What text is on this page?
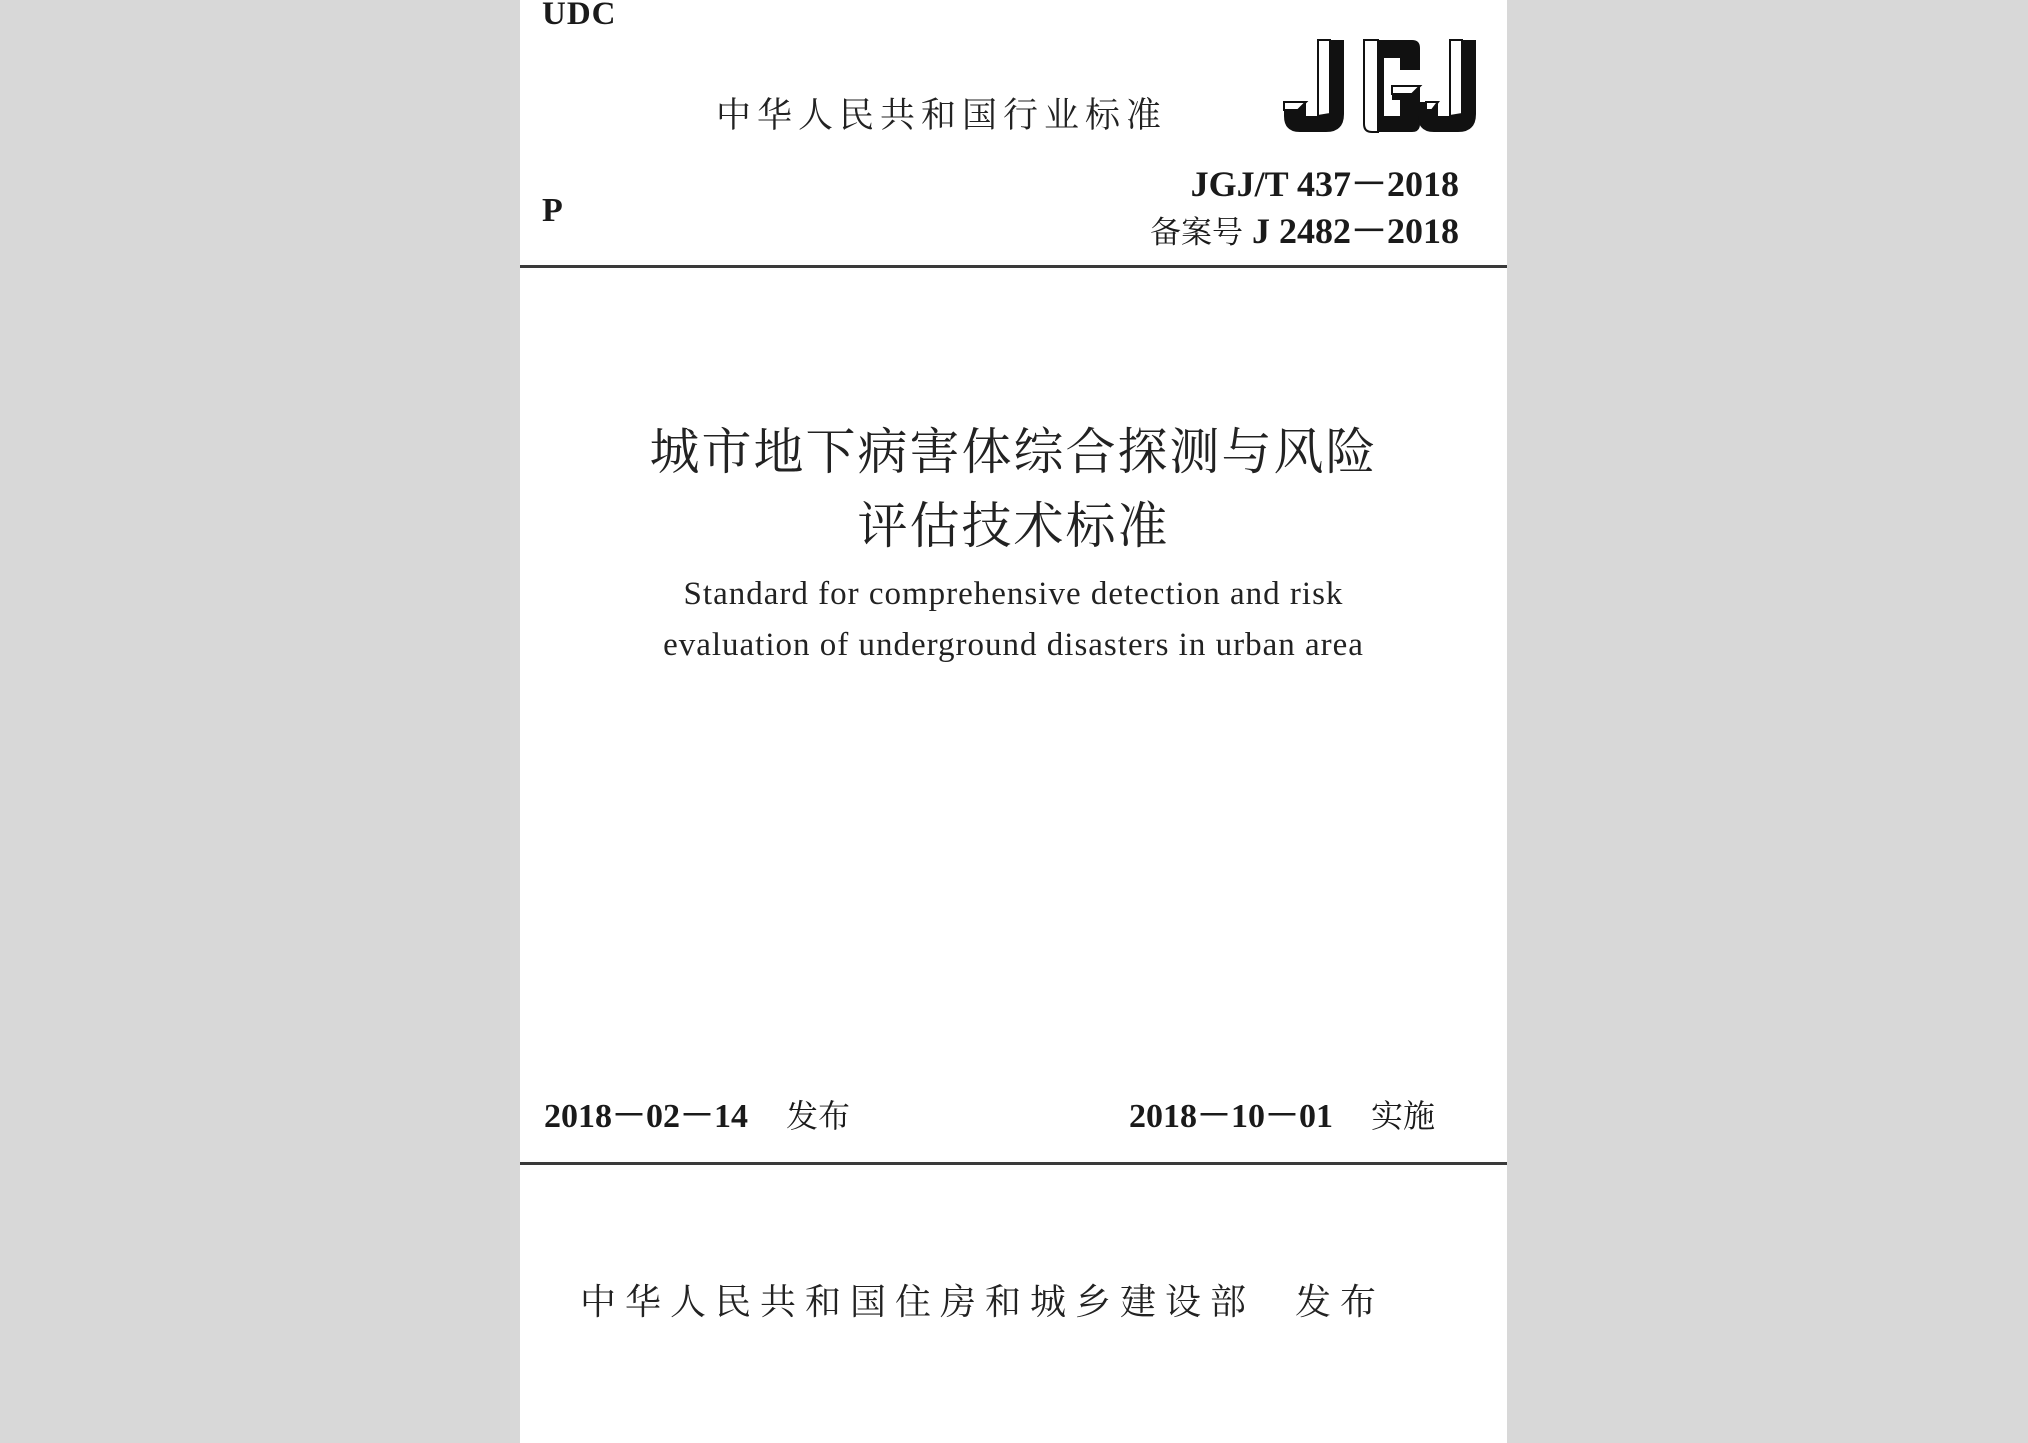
UDC
中华人民共和国行业标准
P
JGJ/T 437－2018
备案号 J 2482－2018
城市地下病害体综合探测与风险
评估技术标准
Standard for comprehensive detection and risk
evaluation of underground disasters in urban area
2018－02－14 发布	2018－10－01 实施
中华人民共和国住房和城乡建设部 发布
